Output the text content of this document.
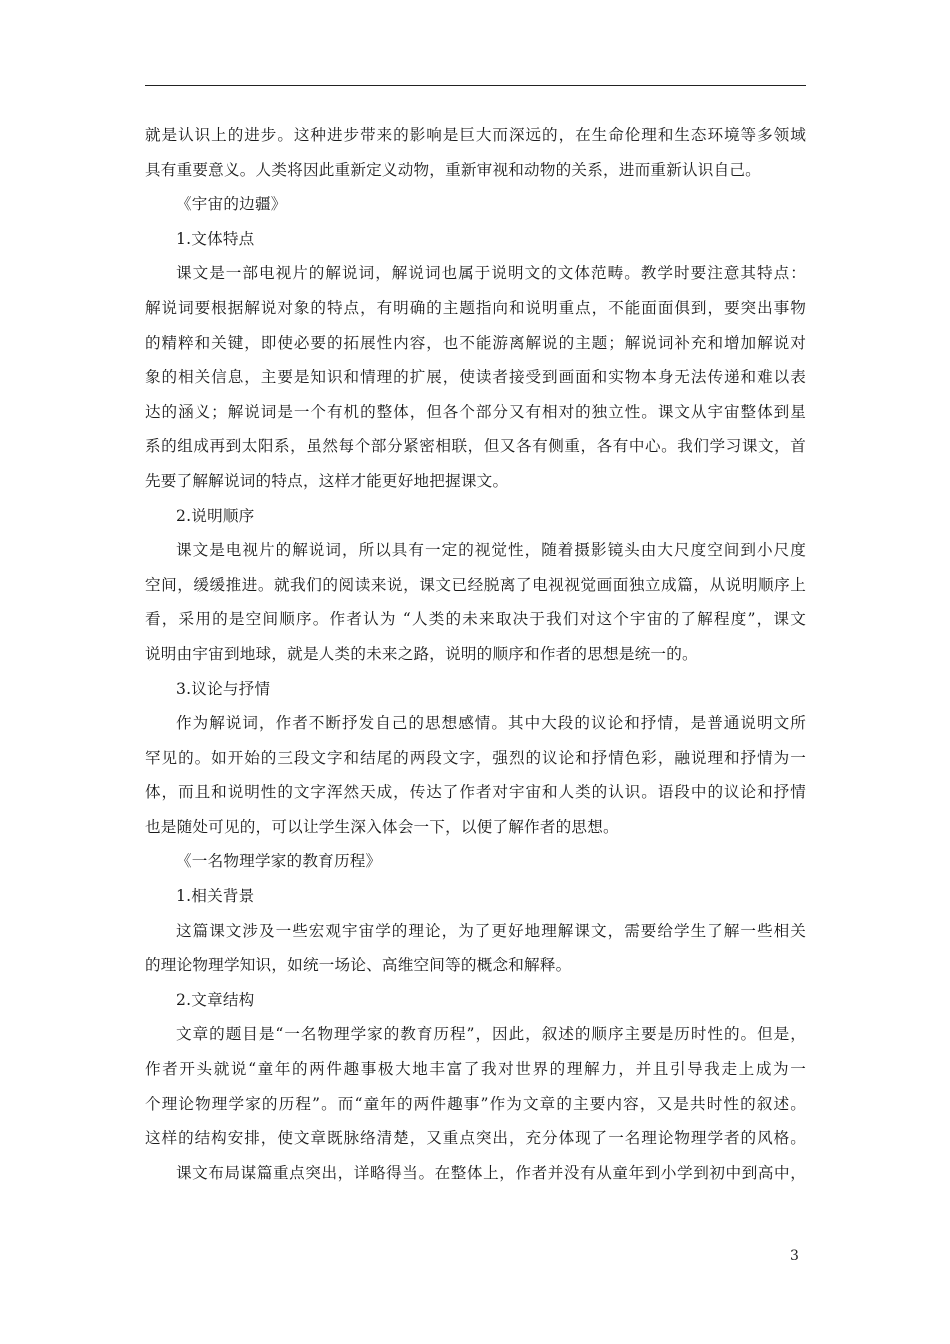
就是认识上的进步。这种进步带来的影响是巨大而深远的，在生命伦理和生态环境等多领域
具有重要意义。人类将因此重新定义动物，重新审视和动物的关系，进而重新认识自己。
《宇宙的边疆》
1.文体特点
课文是一部电视片的解说词，解说词也属于说明文的文体范畴。教学时要注意其特点：
解说词要根据解说对象的特点，有明确的主题指向和说明重点，不能面面俱到，要突出事物
的精粹和关键，即使必要的拓展性内容，也不能游离解说的主题；解说词补充和增加解说对
象的相关信息，主要是知识和情理的扩展，使读者接受到画面和实物本身无法传递和难以表
达的涵义；解说词是一个有机的整体，但各个部分又有相对的独立性。课文从宇宙整体到星
系的组成再到太阳系，虽然每个部分紧密相联，但又各有侧重，各有中心。我们学习课文，首
先要了解解说词的特点，这样才能更好地把握课文。
2.说明顺序
课文是电视片的解说词，所以具有一定的视觉性，随着摄影镜头由大尺度空间到小尺度
空间，缓缓推进。就我们的阅读来说，课文已经脱离了电视视觉画面独立成篇，从说明顺序上
看，采用的是空间顺序。作者认为 “人类的未来取决于我们对这个宇宙的了解程度”，课文
说明由宇宙到地球，就是人类的未来之路，说明的顺序和作者的思想是统一的。
3.议论与抒情
作为解说词，作者不断抒发自己的思想感情。其中大段的议论和抒情，是普通说明文所
罕见的。如开始的三段文字和结尾的两段文字，强烈的议论和抒情色彩，融说理和抒情为一
体，而且和说明性的文字浑然天成，传达了作者对宇宙和人类的认识。语段中的议论和抒情
也是随处可见的，可以让学生深入体会一下，以便了解作者的思想。
《一名物理学家的教育历程》
1.相关背景
这篇课文涉及一些宏观宇宙学的理论，为了更好地理解课文，需要给学生了解一些相关
的理论物理学知识，如统一场论、高维空间等的概念和解释。
2.文章结构
文章的题目是“一名物理学家的教育历程”，因此，叙述的顺序主要是历时性的。但是，
作者开头就说“童年的两件趣事极大地丰富了我对世界的理解力，并且引导我走上成为一
个理论物理学家的历程”。而“童年的两件趣事”作为文章的主要内容，又是共时性的叙述。
这样的结构安排，使文章既脉络清楚，又重点突出，充分体现了一名理论物理学者的风格。
课文布局谋篇重点突出，详略得当。在整体上，作者并没有从童年到小学到初中到高中，
3
